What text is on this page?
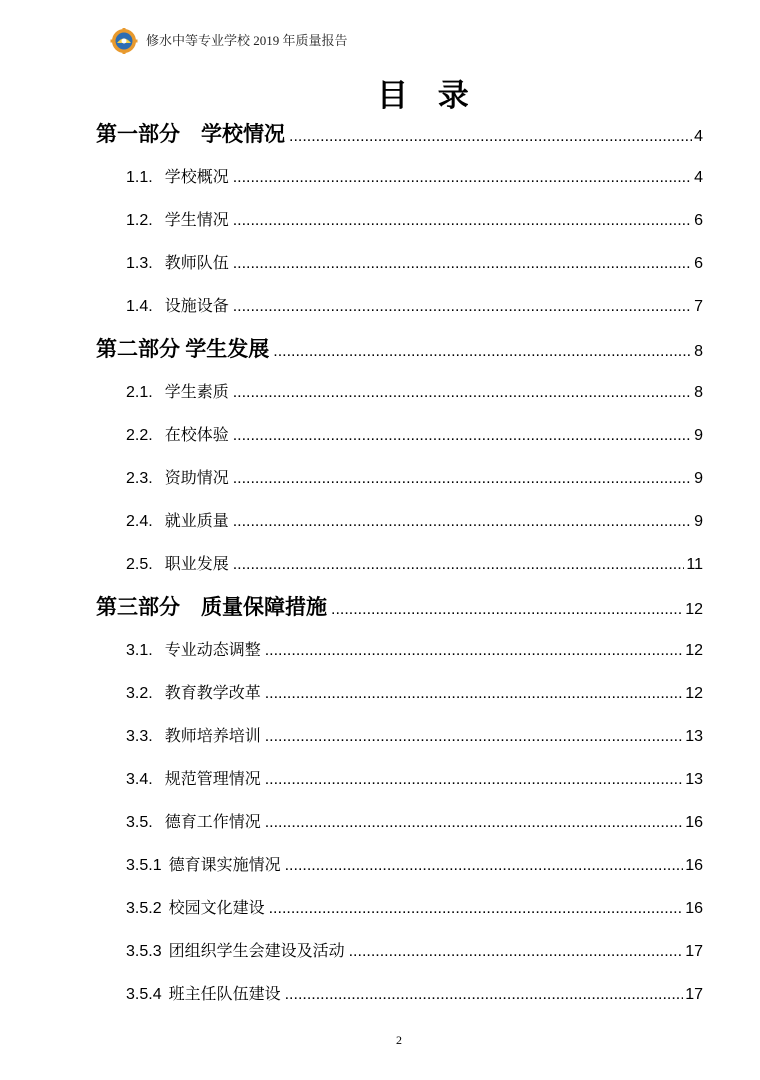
修水中等专业学校 2019 年质量报告
目 录
第一部分　学校情况 .....	4
1.1. 学校概况 .....	4
1.2. 学生情况 .....	6
1.3. 教师队伍 .....	6
1.4. 设施设备 .....	7
第二部分 学生发展 .....	8
2.1. 学生素质 .....	8
2.2. 在校体验 .....	9
2.3. 资助情况 .....	9
2.4. 就业质量 .....	9
2.5. 职业发展 .....	11
第三部分　质量保障措施 .....	12
3.1. 专业动态调整 .....	12
3.2. 教育教学改革 .....	12
3.3. 教师培养培训 .....	13
3.4. 规范管理情况 .....	13
3.5. 德育工作情况 .....	16
3.5.1 德育课实施情况 .....	16
3.5.2 校园文化建设 .....	16
3.5.3 团组织学生会建设及活动 .....	17
3.5.4 班主任队伍建设 .....	17
2
